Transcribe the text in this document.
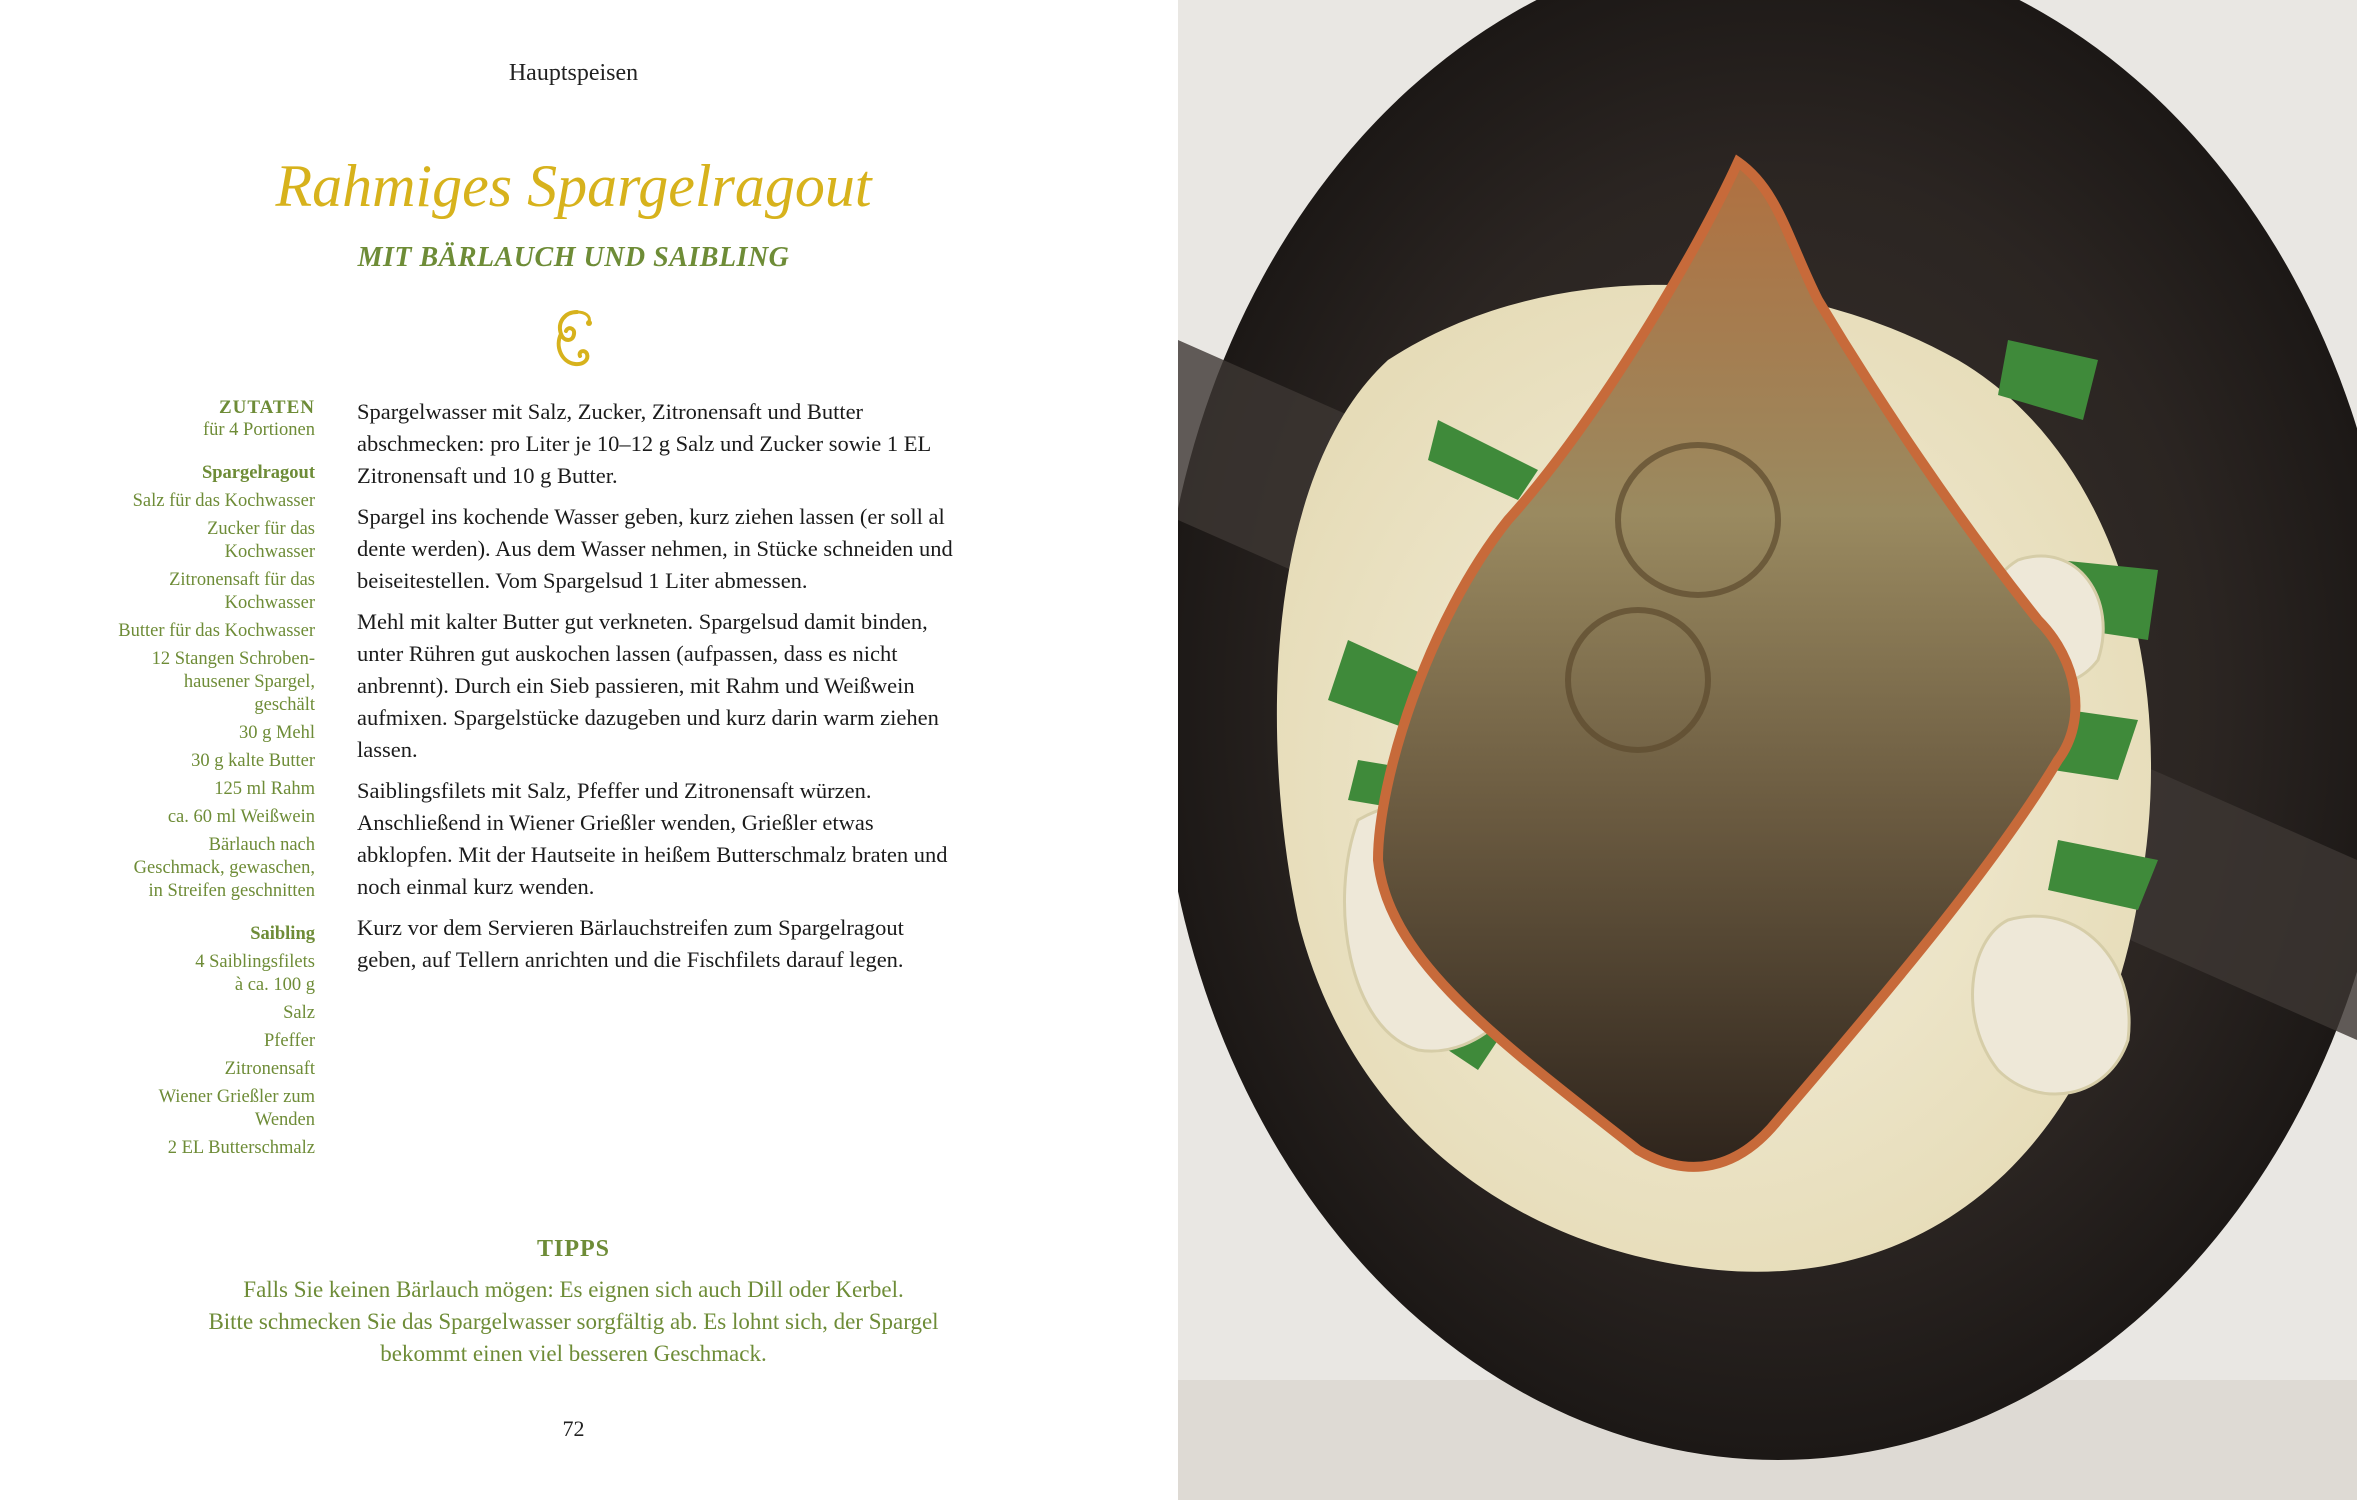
Hauptspeisen
Rahmiges Spargelragout
MIT BÄRLAUCH UND SAIBLING
ZUTATEN
für 4 Portionen
Spargelragout
Salz für das Kochwasser
Zucker für das
Kochwasser
Zitronensaft für das
Kochwasser
Butter für das Kochwasser
12 Stangen Schroben-
hausener Spargel,
geschält
30 g Mehl
30 g kalte Butter
125 ml Rahm
ca. 60 ml Weißwein
Bärlauch nach
Geschmack, gewaschen,
in Streifen geschnitten
Saibling
4 Saiblingsfilets
à ca. 100 g
Salz
Pfeffer
Zitronensaft
Wiener Grießler zum
Wenden
2 EL Butterschmalz

Spargelwasser mit Salz, Zucker, Zitronensaft und Butter abschmecken: pro Liter je 10–12 g Salz und Zucker sowie 1 EL Zitronensaft und 10 g Butter.

Spargel ins kochende Wasser geben, kurz ziehen lassen (er soll al dente werden). Aus dem Wasser nehmen, in Stücke schneiden und beiseitestellen. Vom Spargelsud 1 Liter abmessen.

Mehl mit kalter Butter gut verkneten. Spargelsud damit binden, unter Rühren gut auskochen lassen (aufpassen, dass es nicht anbrennt). Durch ein Sieb passieren, mit Rahm und Weißwein aufmixen. Spargelstücke dazugeben und kurz darin warm ziehen lassen.

Saiblingsfilets mit Salz, Pfeffer und Zitronensaft würzen. Anschließend in Wiener Grießler wenden, Grießler etwas abklopfen. Mit der Hautseite in heißem Butterschmalz braten und noch einmal kurz wenden.

Kurz vor dem Servieren Bärlauchstreifen zum Spargelragout geben, auf Tellern anrichten und die Fischfilets darauf legen.

TIPPS
Falls Sie keinen Bärlauch mögen: Es eignen sich auch Dill oder Kerbel.
Bitte schmecken Sie das Spargelwasser sorgfältig ab. Es lohnt sich, der Spargel
bekommt einen viel besseren Geschmack.
72
